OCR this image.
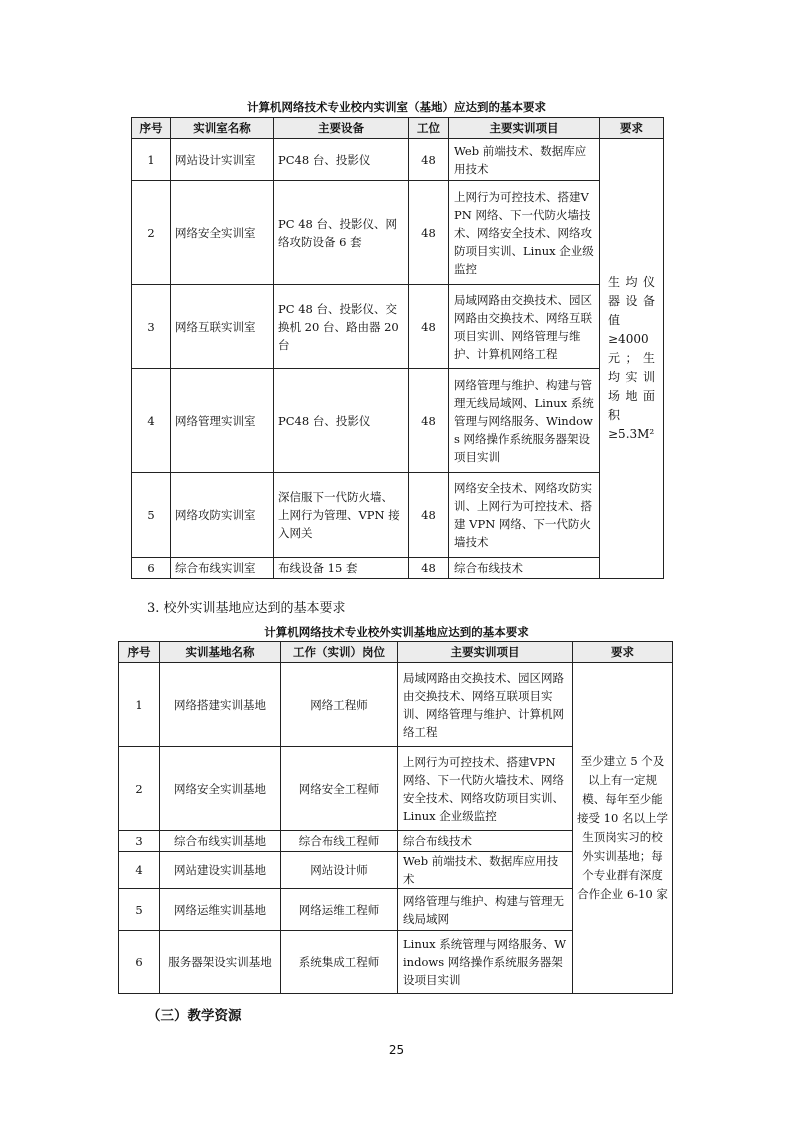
计算机网络技术专业校内实训室（基地）应达到的基本要求
序号	实训室名称	主要设备	工位	主要实训项目	要求
1	网站设计实训室	PC48 台、投影仪	48	Web 前端技术、数据库应用技术	生均仪器设备值≥4000元；生均实训场地面积≥5.3M²
2	网络安全实训室	PC 48 台、投影仪、网络攻防设备 6 套	48	上网行为可控技术、搭建VPN 网络、下一代防火墙技术、网络安全技术、网络攻防项目实训、Linux 企业级监控	
3	网络互联实训室	PC 48 台、投影仪、交换机 20 台、路由器 20 台	48	局域网路由交换技术、园区网路由交换技术、网络互联项目实训、网络管理与维护、计算机网络工程	
4	网络管理实训室	PC48 台、投影仪	48	网络管理与维护、构建与管理无线局域网、Linux 系统管理与网络服务、Windows 网络操作系统服务器架设项目实训	
5	网络攻防实训室	深信服下一代防火墙、上网行为管理、VPN 接入网关	48	网络安全技术、网络攻防实训、上网行为可控技术、搭建 VPN 网络、下一代防火墙技术	
6	综合布线实训室	布线设备 15 套	48	综合布线技术	
3. 校外实训基地应达到的基本要求
计算机网络技术专业校外实训基地应达到的基本要求
序号	实训基地名称	工作（实训）岗位	主要实训项目	要求
1	网络搭建实训基地	网络工程师	局域网路由交换技术、园区网路由交换技术、网络互联项目实训、网络管理与维护、计算机网络工程	至少建立 5 个及以上有一定规模、每年至少能接受 10 名以上学生顶岗实习的校外实训基地；每个专业群有深度合作企业 6-10 家
2	网络安全实训基地	网络安全工程师	上网行为可控技术、搭建VPN 网络、下一代防火墙技术、网络安全技术、网络攻防项目实训、Linux 企业级监控	
3	综合布线实训基地	综合布线工程师	综合布线技术	
4	网站建设实训基地	网站设计师	Web 前端技术、数据库应用技术	
5	网络运维实训基地	网络运维工程师	网络管理与维护、构建与管理无线局域网	
6	服务器架设实训基地	系统集成工程师	Linux 系统管理与网络服务、Windows 网络操作系统服务器架设项目实训	
（三）教学资源
25
